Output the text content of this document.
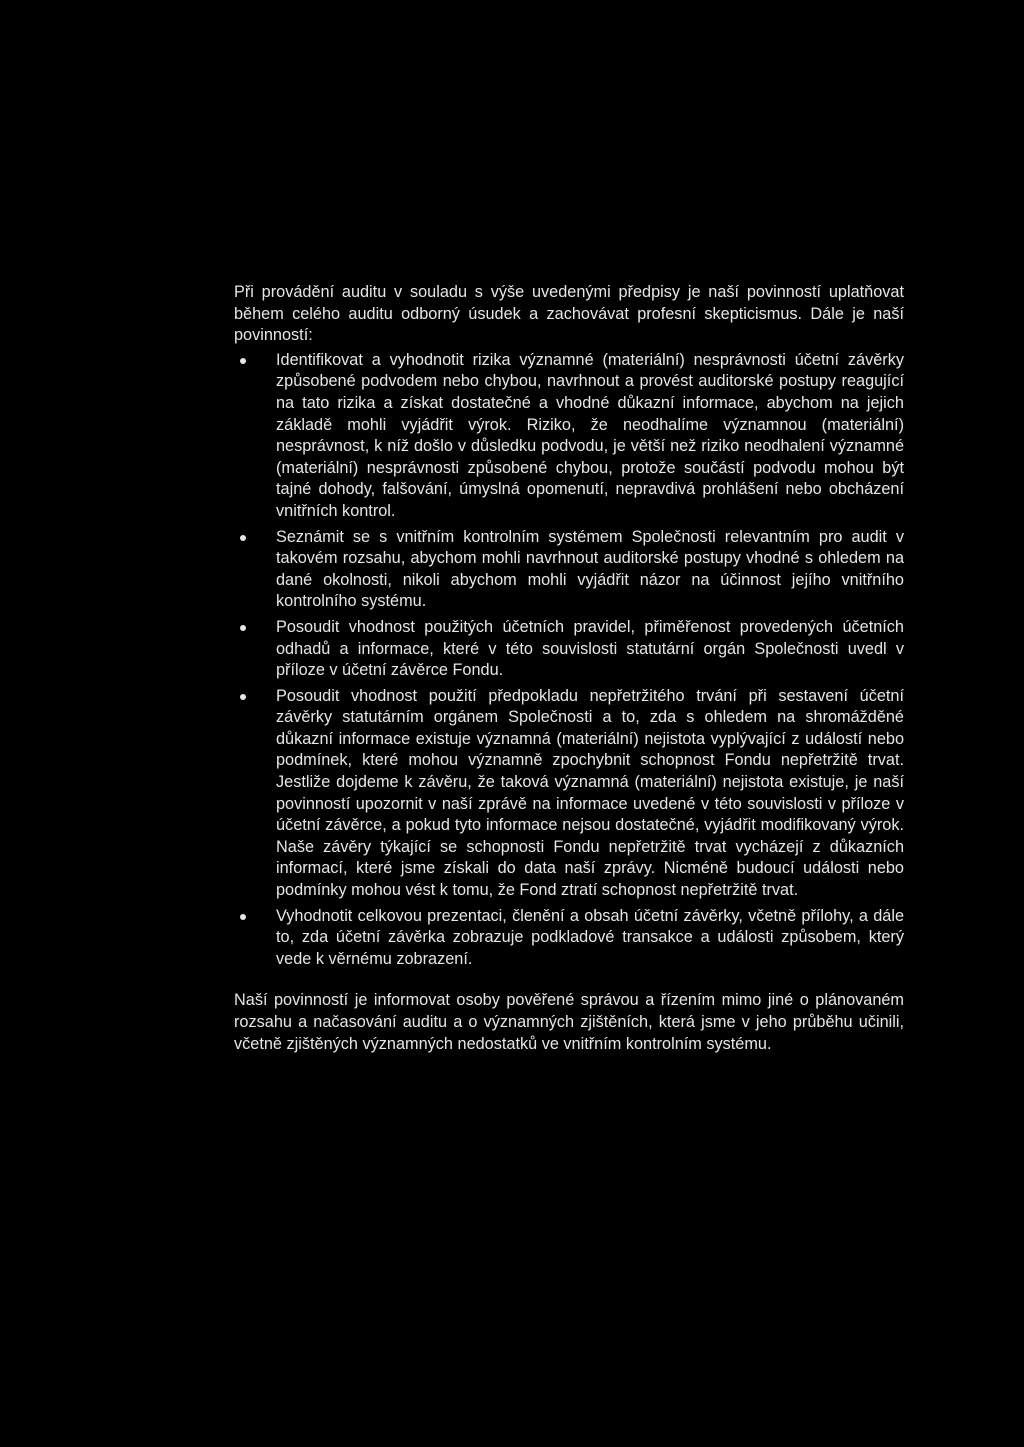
Při provádění auditu v souladu s výše uvedenými předpisy je naší povinností uplatňovat během celého auditu odborný úsudek a zachovávat profesní skepticismus. Dále je naší povinností:

Identifikovat a vyhodnotit rizika významné (materiální) nesprávnosti účetní závěrky způsobené podvodem nebo chybou, navrhnout a provést auditorské postupy reagující na tato rizika a získat dostatečné a vhodné důkazní informace, abychom na jejich základě mohli vyjádřit výrok. Riziko, že neodhalíme významnou (materiální) nesprávnost, k níž došlo v důsledku podvodu, je větší než riziko neodhalení významné (materiální) nesprávnosti způsobené chybou, protože součástí podvodu mohou být tajné dohody, falšování, úmyslná opomenutí, nepravdivá prohlášení nebo obcházení vnitřních kontrol.
Seznámit se s vnitřním kontrolním systémem Společnosti relevantním pro audit v takovém rozsahu, abychom mohli navrhnout auditorské postupy vhodné s ohledem na dané okolnosti, nikoli abychom mohli vyjádřit názor na účinnost jejího vnitřního kontrolního systému.
Posoudit vhodnost použitých účetních pravidel, přiměřenost provedených účetních odhadů a informace, které v této souvislosti statutární orgán Společnosti uvedl v příloze v účetní závěrce Fondu.
Posoudit vhodnost použití předpokladu nepřetržitého trvání při sestavení účetní závěrky statutárním orgánem Společnosti a to, zda s ohledem na shromážděné důkazní informace existuje významná (materiální) nejistota vyplývající z událostí nebo podmínek, které mohou významně zpochybnit schopnost Fondu nepřetržitě trvat. Jestliže dojdeme k závěru, že taková významná (materiální) nejistota existuje, je naší povinností upozornit v naší zprávě na informace uvedené v této souvislosti v příloze v účetní závěrce, a pokud tyto informace nejsou dostatečné, vyjádřit modifikovaný výrok. Naše závěry týkající se schopnosti Fondu nepřetržitě trvat vycházejí z důkazních informací, které jsme získali do data naší zprávy. Nicméně budoucí události nebo podmínky mohou vést k tomu, že Fond ztratí schopnost nepřetržitě trvat.
Vyhodnotit celkovou prezentaci, členění a obsah účetní závěrky, včetně přílohy, a dále to, zda účetní závěrka zobrazuje podkladové transakce a události způsobem, který vede k věrnému zobrazení.

Naší povinností je informovat osoby pověřené správou a řízením mimo jiné o plánovaném rozsahu a načasování auditu a o významných zjištěních, která jsme v jeho průběhu učinili, včetně zjištěných významných nedostatků ve vnitřním kontrolním systému.
